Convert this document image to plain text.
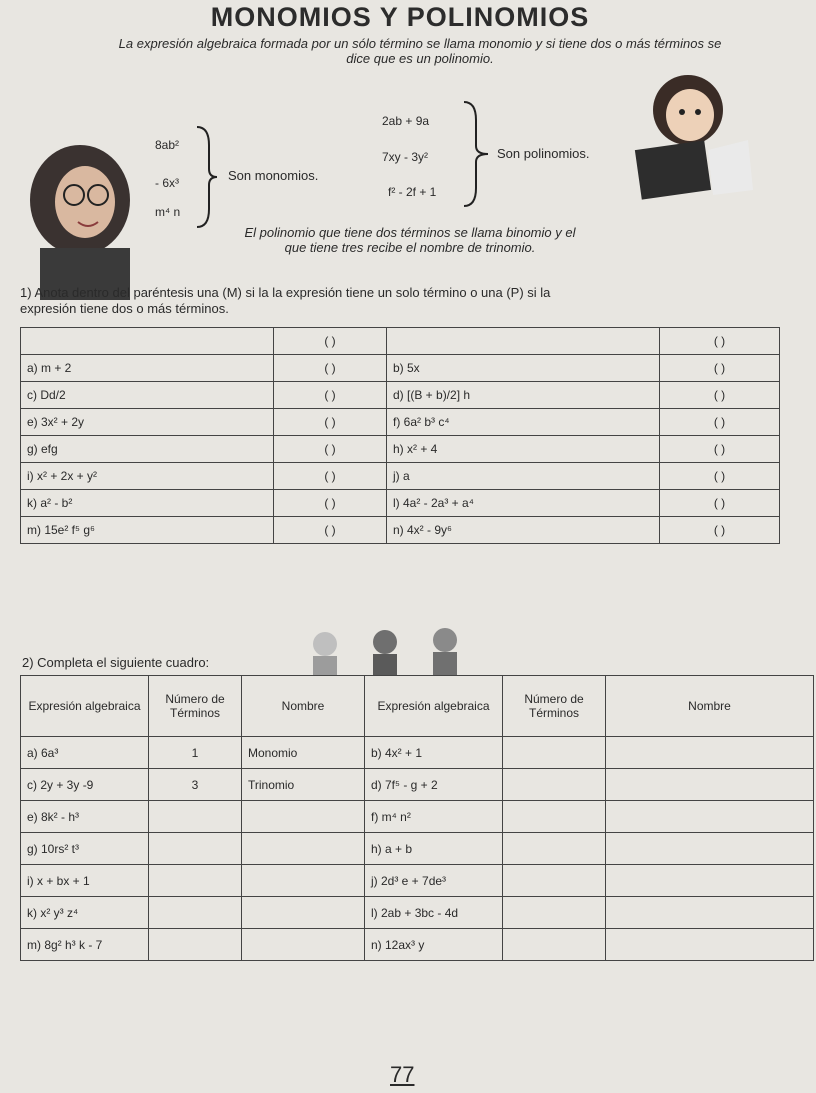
MONOMIOS Y POLINOMIOS
La expresión algebraica formada por un sólo término se llama monomio y si tiene dos o más términos se
dice que es un polinomio.
8ab²
- 6x³
m⁴ n
Son monomios.
2ab + 9a
7xy - 3y²
f² - 2f + 1
Son polinomios.
El polinomio que tiene dos términos se llama binomio y el
que tiene tres recibe el nombre de trinomio.
1) Anota dentro del paréntesis una (M) si la la expresión tiene un solo término o una (P) si la
expresión tiene dos o más términos.
	( )		( )
a) m + 2	( )	b) 5x	( )
c) Dd/2	( )	d) [(B + b)/2] h	( )
e) 3x² + 2y	( )	f) 6a² b³ c⁴	( )
g) efg	( )	h) x² + 4	( )
i) x² + 2x + y²	( )	j) a	( )
k) a² - b²	( )	l) 4a² - 2a³ + a⁴	( )
m) 15e² f⁵ g⁶	( )	n) 4x² - 9y⁶	( )
2) Completa el siguiente cuadro:
Expresión algebraica	Número de Términos	Nombre	Expresión algebraica	Número de Términos	Nombre
a) 6a³	1	Monomio	b) 4x² + 1		
c) 2y + 3y -9	3	Trinomio	d) 7f⁵ - g + 2		
e) 8k² - h³			f) m⁴ n²		
g) 10rs² t³			h) a + b		
i) x + bx + 1			j) 2d³ e + 7de³		
k) x² y³ z⁴			l) 2ab + 3bc - 4d		
m) 8g² h³ k - 7			n) 12ax³ y		
77
